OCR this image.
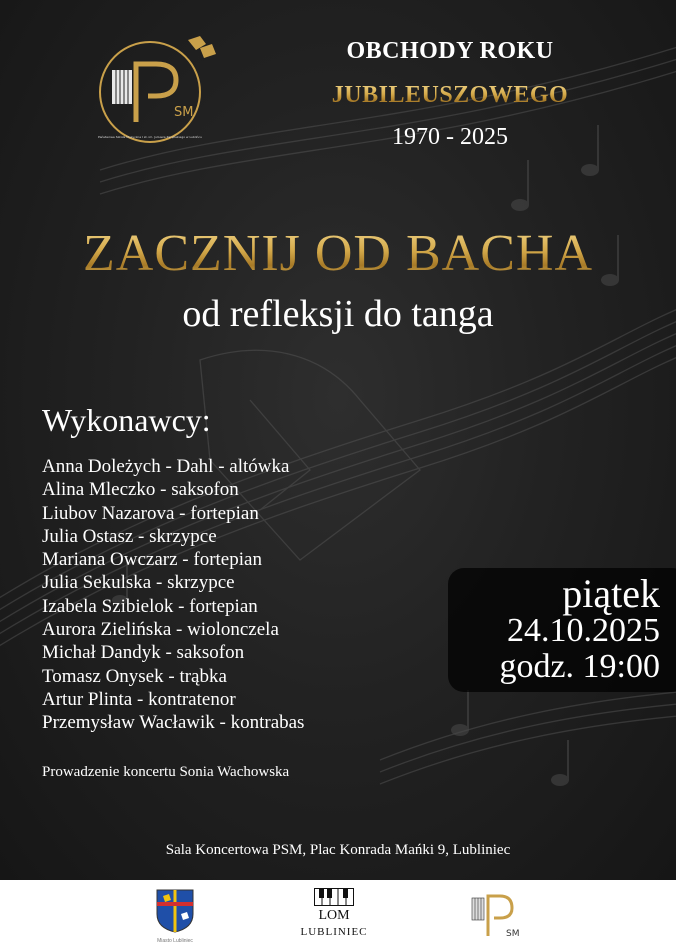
SM
Państwowa Szkoła Muzyczna I st. im. Juliusza Zarębskiego w Lublińcu
OBCHODY ROKU
JUBILEUSZOWEGO
1970 - 2025
ZACZNIJ OD BACHA
od refleksji do tanga
Wykonawcy:
Anna Doleżych - Dahl - altówka
Alina Mleczko - saksofon
Liubov Nazarova - fortepian
Julia Ostasz - skrzypce
Mariana Owczarz - fortepian
Julia Sekulska - skrzypce
Izabela Szibielok - fortepian
Aurora Zielińska - wiolonczela
Michał Dandyk - saksofon
Tomasz Onysek - trąbka
Artur Plinta - kontratenor
Przemysław Wacławik - kontrabas
piątek
24.10.2025
godz. 19:00
Prowadzenie koncertu Sonia Wachowska
Sala Koncertowa PSM, Plac Konrada Mańki 9, Lubliniec
Miasto Lubliniec
LOM
LUBLINIEC	SM
